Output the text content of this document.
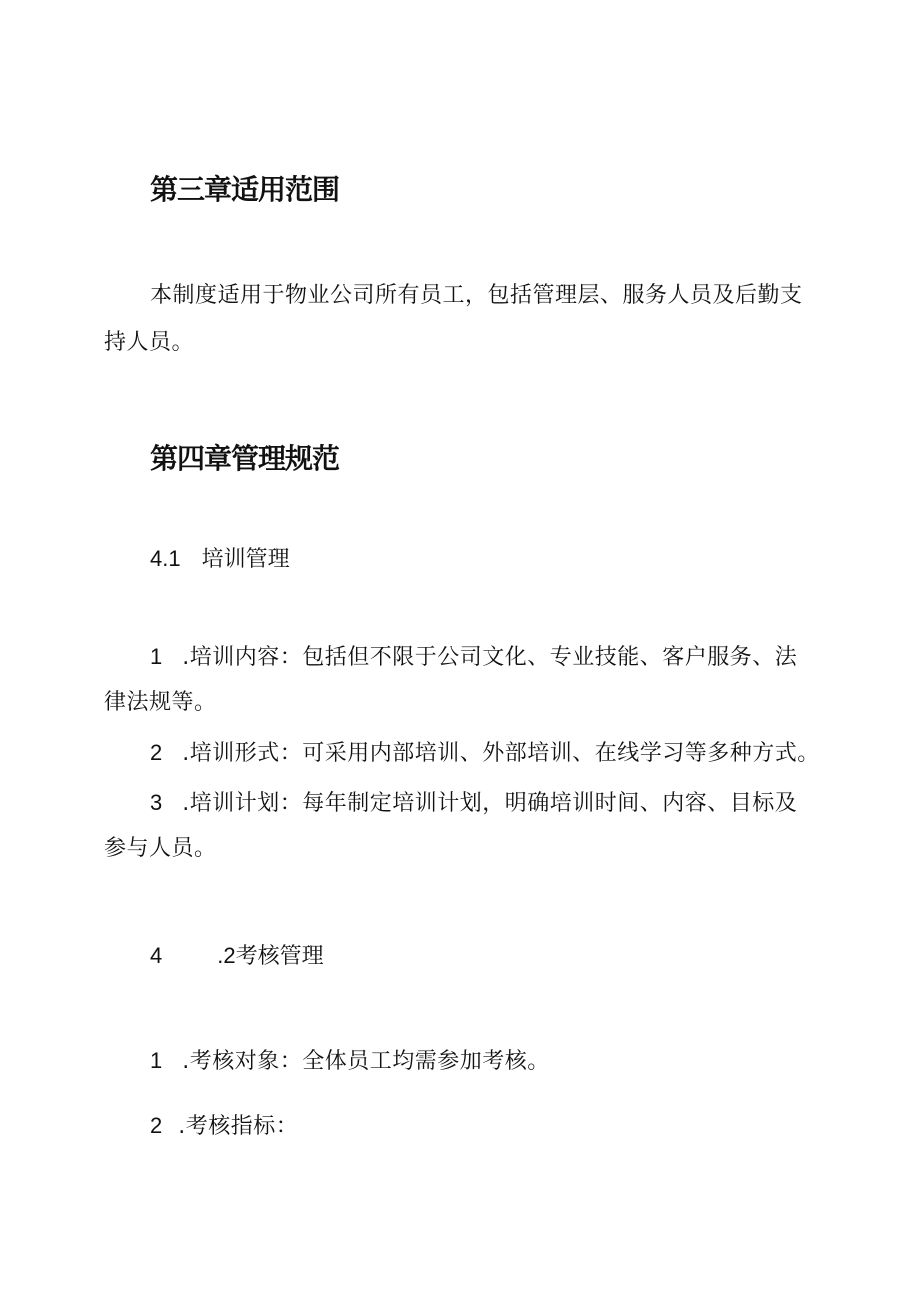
第三章适用范围
本制度适用于物业公司所有员工，包括管理层、服务人员及后勤支
持人员。
第四章管理规范
4.1 培训管理
1 .培训内容：包括但不限于公司文化、专业技能、客户服务、法
律法规等。
2 .培训形式：可采用内部培训、外部培训、在线学习等多种方式。
3 .培训计划：每年制定培训计划，明确培训时间、内容、目标及
参与人员。
4	.2考核管理
1 .考核对象：全体员工均需参加考核。
2 .考核指标：
